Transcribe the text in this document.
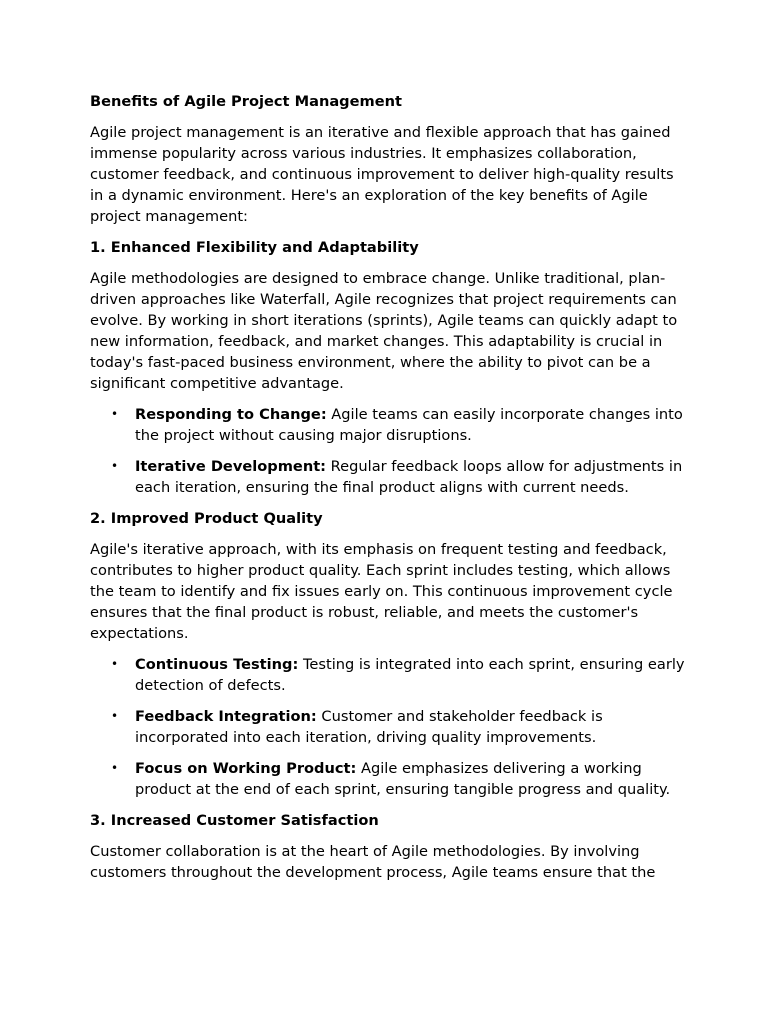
Benefits of Agile Project Management

Agile project management is an iterative and flexible approach that has gained immense popularity across various industries. It emphasizes collaboration, customer feedback, and continuous improvement to deliver high-quality results in a dynamic environment. Here's an exploration of the key benefits of Agile project management:

1. Enhanced Flexibility and Adaptability

Agile methodologies are designed to embrace change. Unlike traditional, plan-driven approaches like Waterfall, Agile recognizes that project requirements can evolve. By working in short iterations (sprints), Agile teams can quickly adapt to new information, feedback, and market changes. This adaptability is crucial in today's fast-paced business environment, where the ability to pivot can be a significant competitive advantage.

• Responding to Change: Agile teams can easily incorporate changes into the project without causing major disruptions.
• Iterative Development: Regular feedback loops allow for adjustments in each iteration, ensuring the final product aligns with current needs.
2. Improved Product Quality

Agile's iterative approach, with its emphasis on frequent testing and feedback, contributes to higher product quality. Each sprint includes testing, which allows the team to identify and fix issues early on. This continuous improvement cycle ensures that the final product is robust, reliable, and meets the customer's expectations.

• Continuous Testing: Testing is integrated into each sprint, ensuring early detection of defects.
• Feedback Integration: Customer and stakeholder feedback is incorporated into each iteration, driving quality improvements.
• Focus on Working Product: Agile emphasizes delivering a working product at the end of each sprint, ensuring tangible progress and quality.
3. Increased Customer Satisfaction

Customer collaboration is at the heart of Agile methodologies. By involving customers throughout the development process, Agile teams ensure that the
